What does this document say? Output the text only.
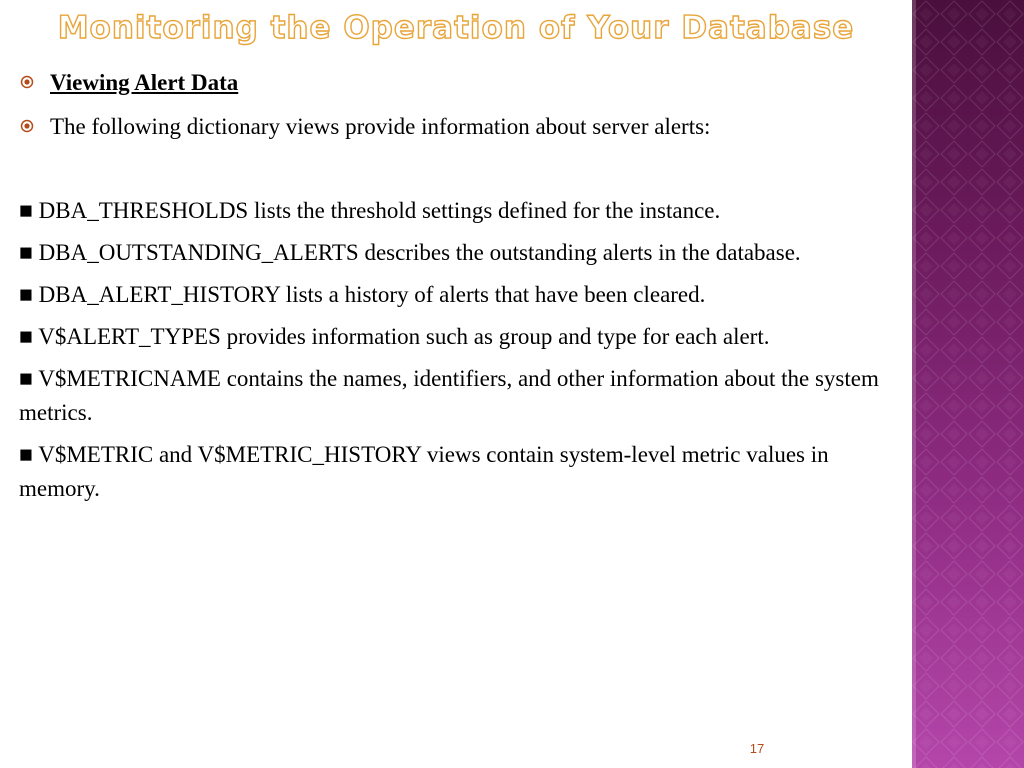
Monitoring the Operation of Your Database
Viewing Alert Data
The following dictionary views provide information about server alerts:

■ DBA_THRESHOLDS lists the threshold settings defined for the instance.

■ DBA_OUTSTANDING_ALERTS describes the outstanding alerts in the database.

■ DBA_ALERT_HISTORY lists a history of alerts that have been cleared.

■ V$ALERT_TYPES provides information such as group and type for each alert.

■ V$METRICNAME contains the names, identifiers, and other information about the system metrics.

■ V$METRIC and V$METRIC_HISTORY views contain system-level metric values in memory.

17
